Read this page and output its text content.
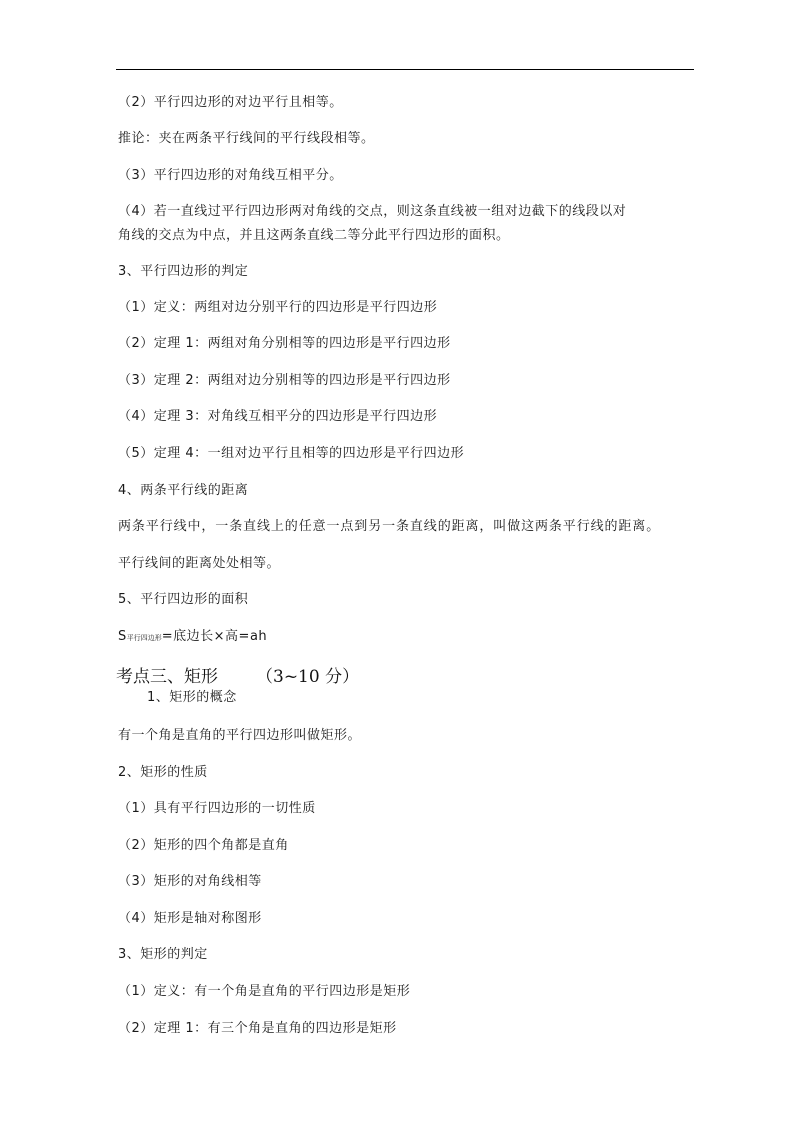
（2）平行四边形的对边平行且相等。
推论：夹在两条平行线间的平行线段相等。
（3）平行四边形的对角线互相平分。
（4）若一直线过平行四边形两对角线的交点，则这条直线被一组对边截下的线段以对
角线的交点为中点，并且这两条直线二等分此平行四边形的面积。
3、平行四边形的判定
（1）定义：两组对边分别平行的四边形是平行四边形
（2）定理 1：两组对角分别相等的四边形是平行四边形
（3）定理 2：两组对边分别相等的四边形是平行四边形
（4）定理 3：对角线互相平分的四边形是平行四边形
（5）定理 4：一组对边平行且相等的四边形是平行四边形
4、两条平行线的距离
两条平行线中，一条直线上的任意一点到另一条直线的距离，叫做这两条平行线的距离。
平行线间的距离处处相等。
5、平行四边形的面积
S平行四边形=底边长×高=ah
考点三、矩形 （3~10 分）
1、矩形的概念
有一个角是直角的平行四边形叫做矩形。
2、矩形的性质
（1）具有平行四边形的一切性质
（2）矩形的四个角都是直角
（3）矩形的对角线相等
（4）矩形是轴对称图形
3、矩形的判定
（1）定义：有一个角是直角的平行四边形是矩形
（2）定理 1：有三个角是直角的四边形是矩形
